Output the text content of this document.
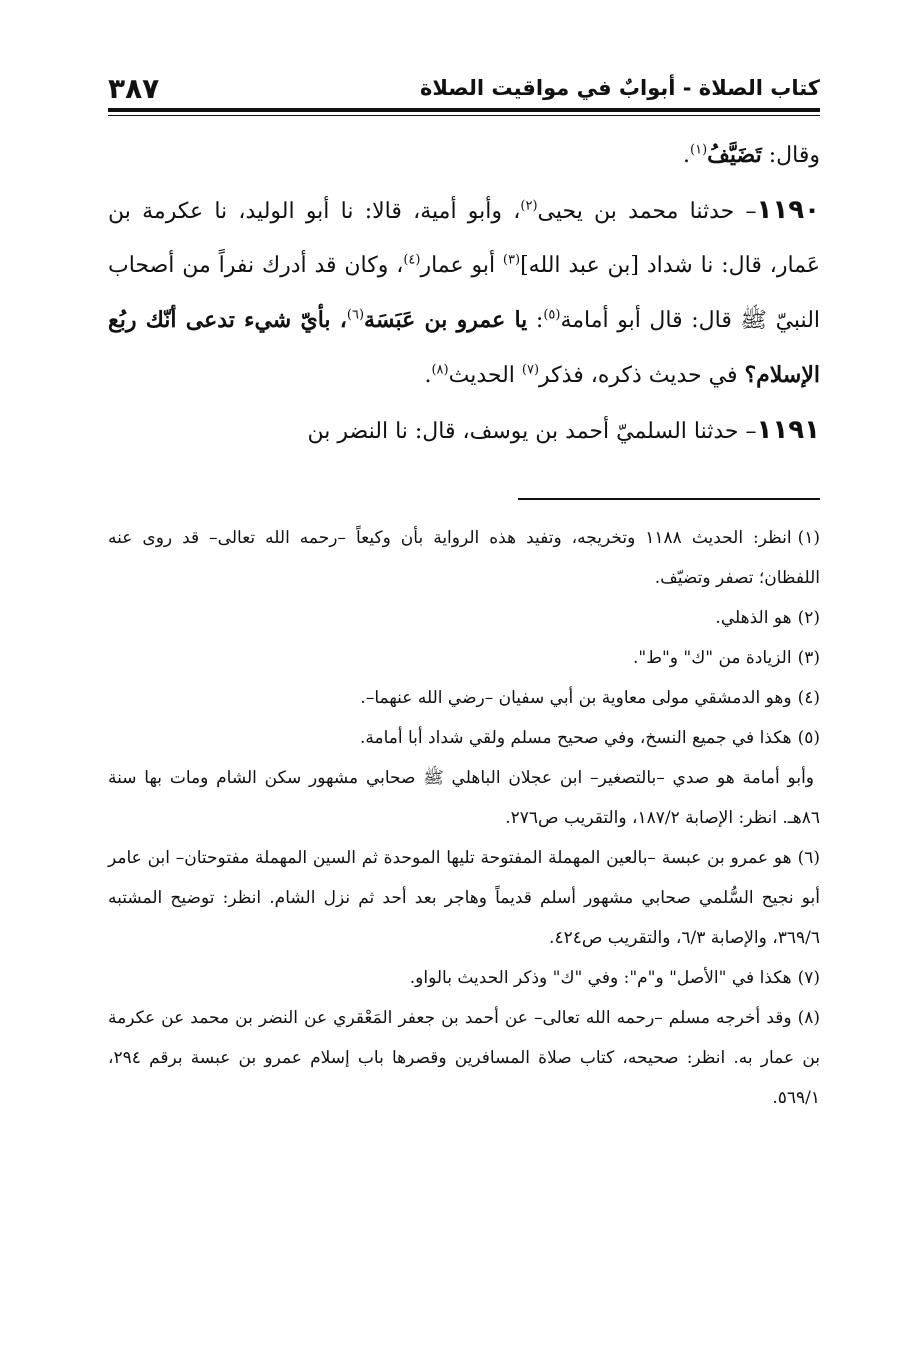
كتاب الصلاة - أبوابٌ في مواقيت الصلاة
٣٨٧

وقال: تَضَيَّفُ$^{(١)}$.

١١٩٠– حدثنا محمد بن يحيى$^{(٢)}$، وأبو أمية، قالا: نا أبو الوليد، نا عكرمة بن عَمار، قال: نا شداد [بن عبد الله]$^{(٣)}$ أبو عمار$^{(٤)}$، وكان قد أدرك نفراً من أصحاب النبيّ ﷺ قال: قال أبو أمامة$^{(٥)}$: يا عمرو بن عَبَسَة$^{(٦)}$، بأيّ شيء تدعى أنّك ربُع الإسلام؟ في حديث ذكره، فذكر$^{(٧)}$ الحديث$^{(٨)}$.

١١٩١– حدثنا السلميّ أحمد بن يوسف، قال: نا النضر بن

(١)انظر: الحديث ١١٨٨ وتخريجه، وتفيد هذه الرواية بأن وكيعاً –رحمه الله تعالى– قد روى عنه اللفظان؛ تصفر وتضيّف.

(٢)هو الذهلي.

(٣)الزيادة من "ك" و"ط".

(٤)وهو الدمشقي مولى معاوية بن أبي سفيان –رضي الله عنهما–.

(٥)هكذا في جميع النسخ، وفي صحيح مسلم ولقي شداد أبا أمامة.

وأبو أمامة هو صدي –بالتصغير– ابن عجلان الباهلي ﷺ صحابي مشهور سكن الشام ومات بها سنة ٨٦هـ. انظر: الإصابة ١٨٧/٢، والتقريب ص٢٧٦.

(٦)هو عمرو بن عبسة –بالعين المهملة المفتوحة تليها الموحدة ثم السين المهملة مفتوحتان– ابن عامر أبو نجيح السُّلمي صحابي مشهور أسلم قديماً وهاجر بعد أحد ثم نزل الشام. انظر: توضيح المشتبه ٣٦٩/٦، والإصابة ٦/٣، والتقريب ص٤٢٤.

(٧)هكذا في "الأصل" و"م": وفي "ك" وذكر الحديث بالواو.

(٨)وقد أخرجه مسلم –رحمه الله تعالى– عن أحمد بن جعفر المَعْقري عن النضر بن محمد عن عكرمة بن عمار به. انظر: صحيحه، كتاب صلاة المسافرين وقصرها باب إسلام عمرو بن عبسة برقم ٢٩٤، ٥٦٩/١.
